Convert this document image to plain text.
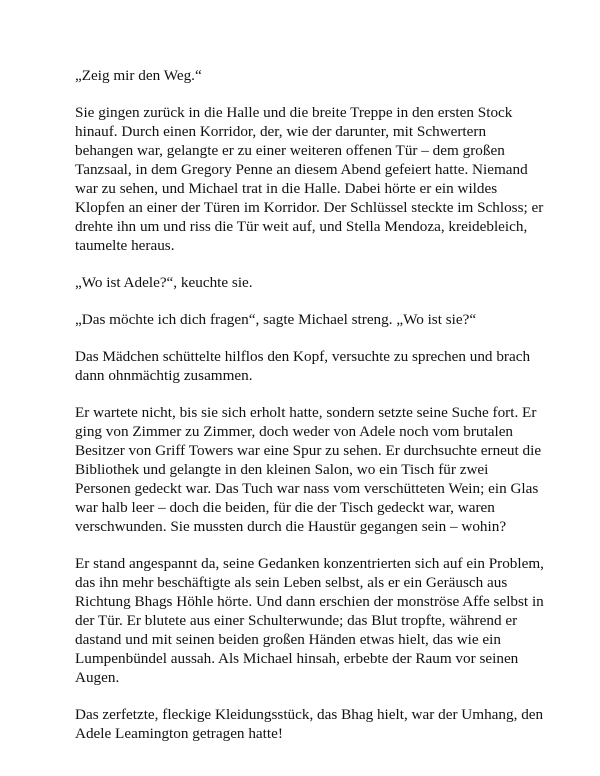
„Zeig mir den Weg.“

Sie gingen zurück in die Halle und die breite Treppe in den ersten Stock hinauf. Durch einen Korridor, der, wie der darunter, mit Schwertern behangen war, gelangte er zu einer weiteren offenen Tür – dem großen Tanzsaal, in dem Gregory Penne an diesem Abend gefeiert hatte. Niemand war zu sehen, und Michael trat in die Halle. Dabei hörte er ein wildes Klopfen an einer der Türen im Korridor. Der Schlüssel steckte im Schloss; er drehte ihn um und riss die Tür weit auf, und Stella Mendoza, kreidebleich, taumelte heraus.

„Wo ist Adele?“, keuchte sie.

„Das möchte ich dich fragen“, sagte Michael streng. „Wo ist sie?“

Das Mädchen schüttelte hilflos den Kopf, versuchte zu sprechen und brach dann ohnmächtig zusammen.

Er wartete nicht, bis sie sich erholt hatte, sondern setzte seine Suche fort. Er ging von Zimmer zu Zimmer, doch weder von Adele noch vom brutalen Besitzer von Griff Towers war eine Spur zu sehen. Er durchsuchte erneut die Bibliothek und gelangte in den kleinen Salon, wo ein Tisch für zwei Personen gedeckt war. Das Tuch war nass vom verschütteten Wein; ein Glas war halb leer – doch die beiden, für die der Tisch gedeckt war, waren verschwunden. Sie mussten durch die Haustür gegangen sein – wohin?

Er stand angespannt da, seine Gedanken konzentrierten sich auf ein Problem, das ihn mehr beschäftigte als sein Leben selbst, als er ein Geräusch aus Richtung Bhags Höhle hörte. Und dann erschien der monströse Affe selbst in der Tür. Er blutete aus einer Schulterwunde; das Blut tropfte, während er dastand und mit seinen beiden großen Händen etwas hielt, das wie ein Lumpenbündel aussah. Als Michael hinsah, erbebte der Raum vor seinen Augen.

Das zerfetzte, fleckige Kleidungsstück, das Bhag hielt, war der Umhang, den Adele Leamington getragen hatte!
